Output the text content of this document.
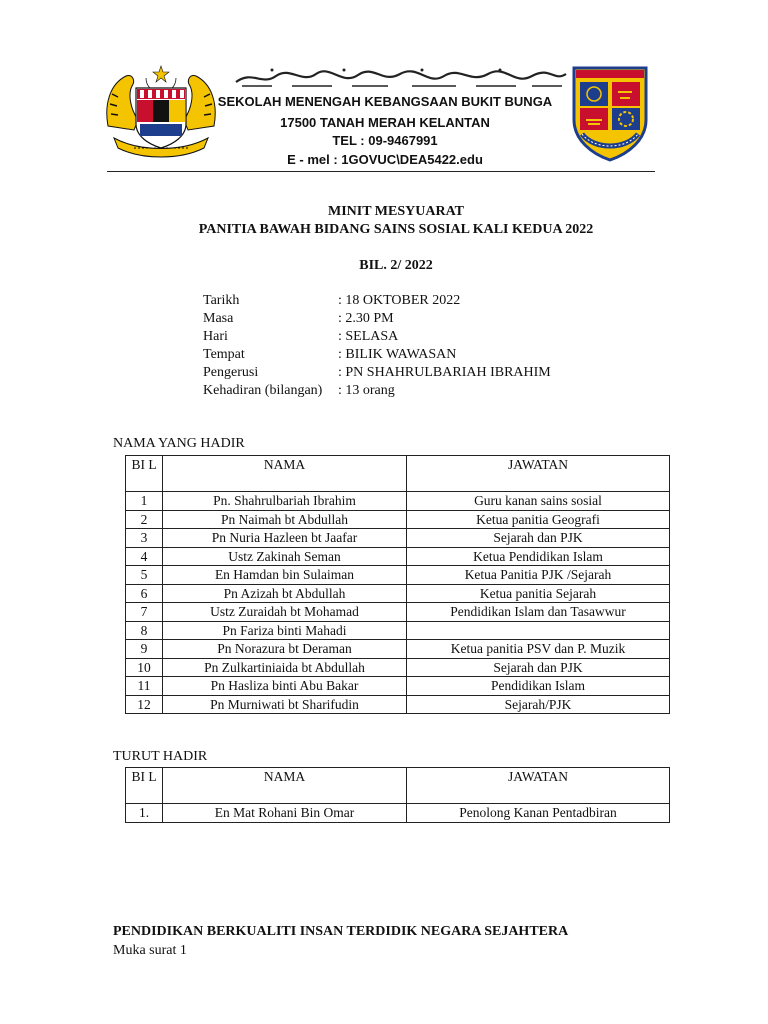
SEKOLAH MENENGAH KEBANGSAAN BUKIT BUNGA
17500 TANAH MERAH KELANTAN
TEL : 09-9467991
E - mel : 1GOVUC\DEA5422.edu
MINIT MESYUARAT
PANITIA BAWAH BIDANG SAINS SOSIAL KALI KEDUA 2022
BIL. 2/ 2022
Tarikh	: 18 OKTOBER 2022
Masa	: 2.30 PM
Hari	: SELASA
Tempat	: BILIK WAWASAN
Pengerusi	: PN SHAHRULBARIAH IBRAHIM
Kehadiran (bilangan) : 13 orang
NAMA YANG HADIR
BI L	NAMA	JAWATAN
1	Pn. Shahrulbariah Ibrahim	Guru kanan sains sosial
2	Pn Naimah bt Abdullah	Ketua panitia Geografi
3	Pn Nuria Hazleen bt Jaafar	Sejarah dan PJK
4	Ustz Zakinah Seman	Ketua Pendidikan Islam
5	En Hamdan bin Sulaiman	Ketua Panitia PJK /Sejarah
6	Pn Azizah bt Abdullah	Ketua panitia Sejarah
7	Ustz Zuraidah bt Mohamad	Pendidikan Islam dan Tasawwur
8	Pn Fariza binti Mahadi	
9	Pn Norazura bt Deraman	Ketua panitia PSV dan P. Muzik
10	Pn Zulkartiniaida bt Abdullah	Sejarah dan PJK
11	Pn Hasliza binti Abu Bakar	Pendidikan Islam
12	Pn Murniwati bt Sharifudin	Sejarah/PJK
TURUT HADIR
BI L	NAMA	JAWATAN
1.	En Mat Rohani Bin Omar	Penolong Kanan Pentadbiran
PENDIDIKAN BERKUALITI INSAN TERDIDIK NEGARA SEJAHTERA
Muka surat 1
